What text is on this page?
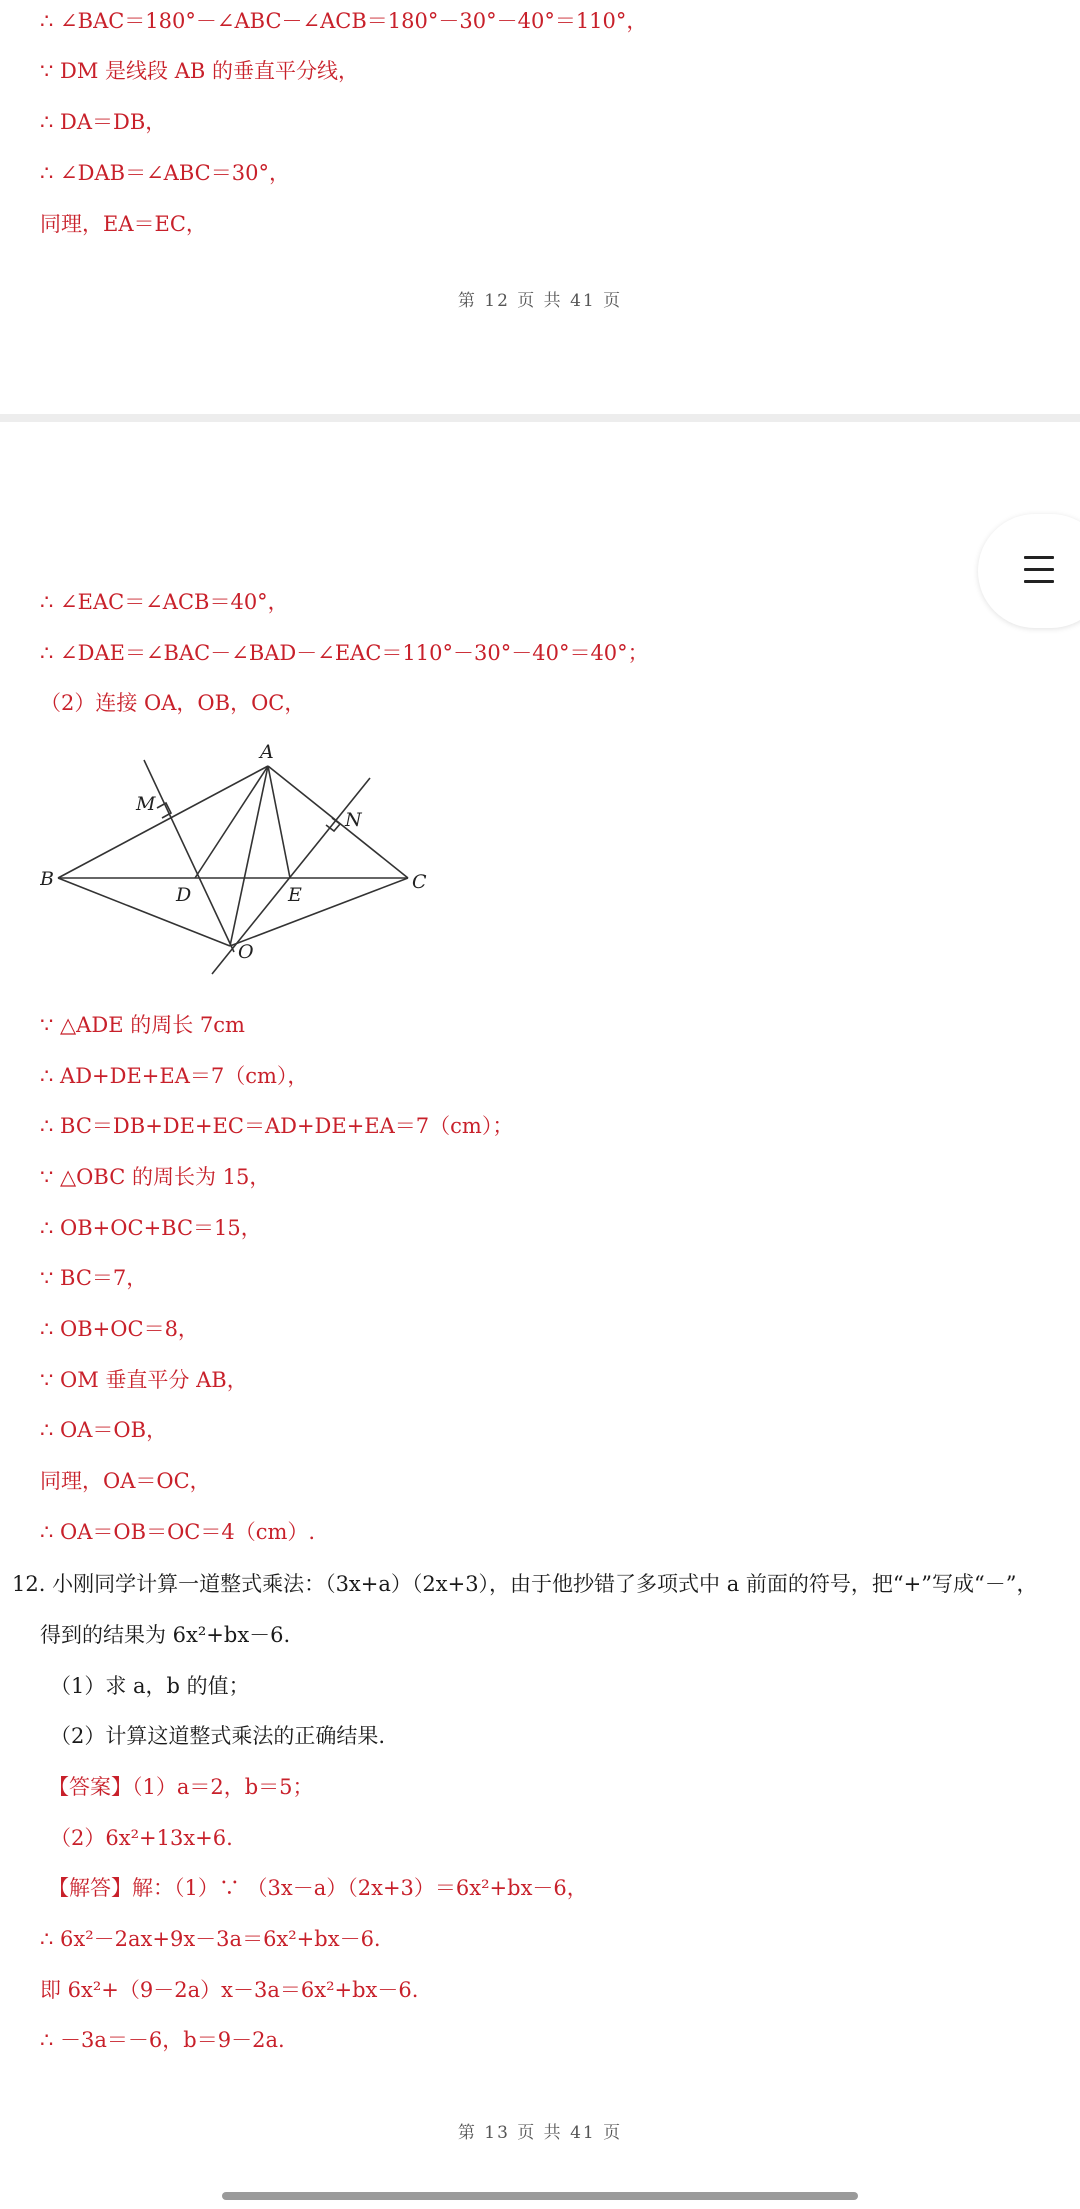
∴ ∠BAC＝180°－∠ABC－∠ACB＝180°－30°－40°＝110°，
∵ DM 是线段 AB 的垂直平分线，
∴ DA＝DB，
∴ ∠DAB＝∠ABC＝30°，
同理，EA＝EC，
第 12 页 共 41 页
∴ ∠EAC＝∠ACB＝40°，
∴ ∠DAE＝∠BAC－∠BAD－∠EAC＝110°－30°－40°＝40°；
（2）连接 OA，OB，OC，
A
B	C
D	E
M
N
O
∵ △ADE 的周长 7cm
∴ AD+DE+EA＝7（cm），
∴ BC＝DB+DE+EC＝AD+DE+EA＝7（cm）；
∵ △OBC 的周长为 15，
∴ OB+OC+BC＝15，
∵ BC＝7，
∴ OB+OC＝8，
∵ OM 垂直平分 AB，
∴ OA＝OB，
同理，OA＝OC，
∴ OA＝OB＝OC＝4（cm）.
12. 小刚同学计算一道整式乘法：（3x+a）（2x+3），由于他抄错了多项式中 a 前面的符号，把“+”写成“－”，
得到的结果为 6x²+bx－6.
（1）求 a，b 的值；
（2）计算这道整式乘法的正确结果.
【答案】（1）a＝2，b＝5；
（2）6x²+13x+6.
【解答】解：（1）∵ （3x－a）（2x+3）＝6x²+bx－6，
∴ 6x²－2ax+9x－3a＝6x²+bx－6.
即 6x²+（9－2a）x－3a＝6x²+bx－6.
∴ －3a＝－6，b＝9－2a.
第 13 页 共 41 页
